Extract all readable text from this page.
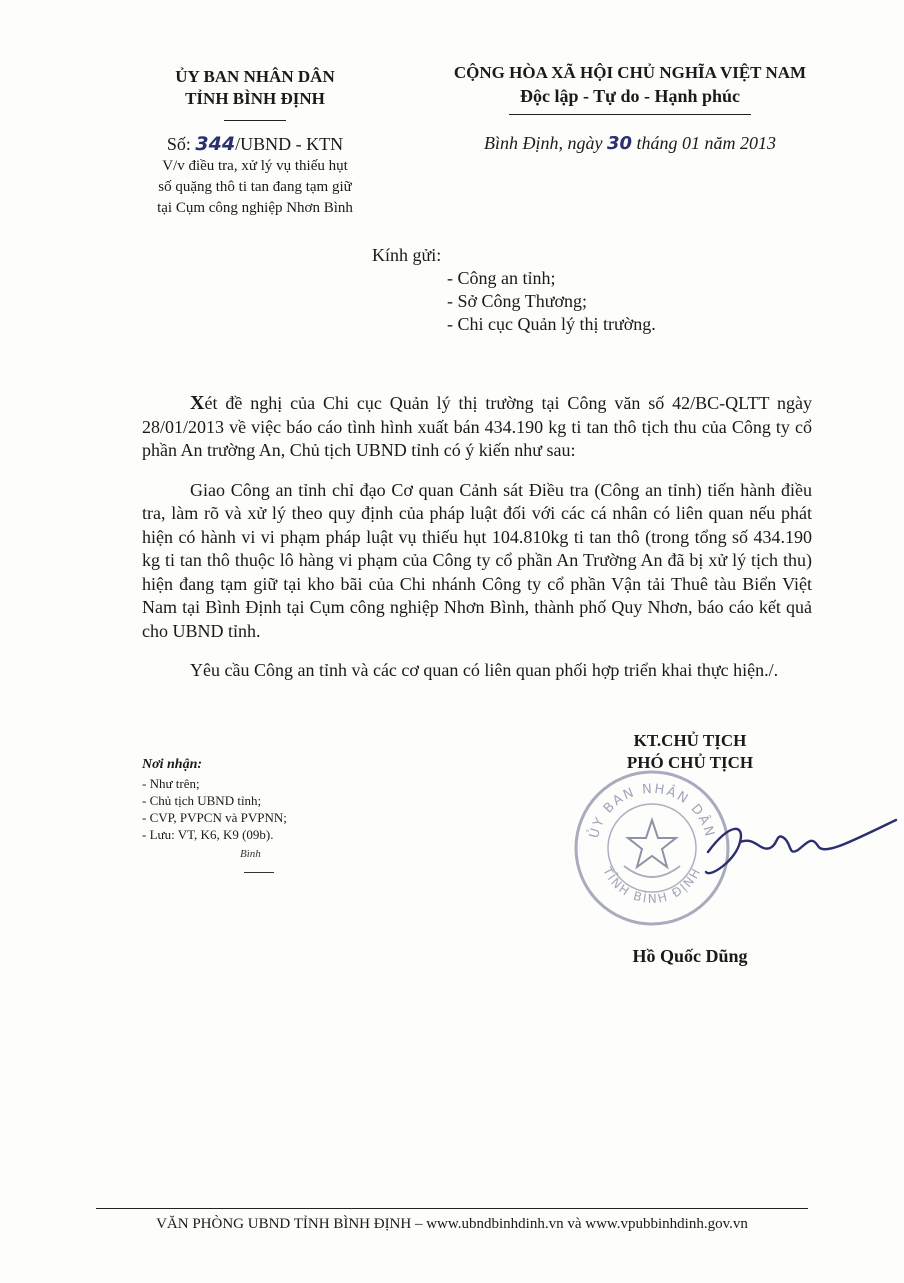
ỦY BAN NHÂN DÂN
TỈNH BÌNH ĐỊNH
Số: 344/UBND - KTN
V/v điều tra, xử lý vụ thiếu hụt
số quặng thô ti tan đang tạm giữ
tại Cụm công nghiệp Nhơn Bình
CỘNG HÒA XÃ HỘI CHỦ NGHĨA VIỆT NAM
Độc lập - Tự do - Hạnh phúc
Bình Định, ngày 30 tháng 01 năm 2013
Kính gửi:
- Công an tỉnh;
- Sở Công Thương;
- Chi cục Quản lý thị trường.

Xét đề nghị của Chi cục Quản lý thị trường tại Công văn số 42/BC-QLTT ngày 28/01/2013 về việc báo cáo tình hình xuất bán 434.190 kg ti tan thô tịch thu của Công ty cổ phần An trường An, Chủ tịch UBND tỉnh có ý kiến như sau:

Giao Công an tỉnh chỉ đạo Cơ quan Cảnh sát Điều tra (Công an tỉnh) tiến hành điều tra, làm rõ và xử lý theo quy định của pháp luật đối với các cá nhân có liên quan nếu phát hiện có hành vi vi phạm pháp luật vụ thiếu hụt 104.810kg ti tan thô (trong tổng số 434.190 kg ti tan thô thuộc lô hàng vi phạm của Công ty cổ phần An Trường An đã bị xử lý tịch thu) hiện đang tạm giữ tại kho bãi của Chi nhánh Công ty cổ phần Vận tải Thuê tàu Biển Việt Nam tại Bình Định tại Cụm công nghiệp Nhơn Bình, thành phố Quy Nhơn, báo cáo kết quả cho UBND tỉnh.

Yêu cầu Công an tỉnh và các cơ quan có liên quan phối hợp triển khai thực hiện./.

Nơi nhận:
- Như trên;
- Chủ tịch UBND tỉnh;
- CVP, PVPCN và PVPNN;
- Lưu: VT, K6, K9 (09b).
Bình
KT.CHỦ TỊCH
PHÓ CHỦ TỊCH
ỦY BAN NHÂN DÂN
TỈNH BÌNH ĐỊNH
Hồ Quốc Dũng
VĂN PHÒNG UBND TỈNH BÌNH ĐỊNH – www.ubndbinhdinh.vn và www.vpubbinhdinh.gov.vn
